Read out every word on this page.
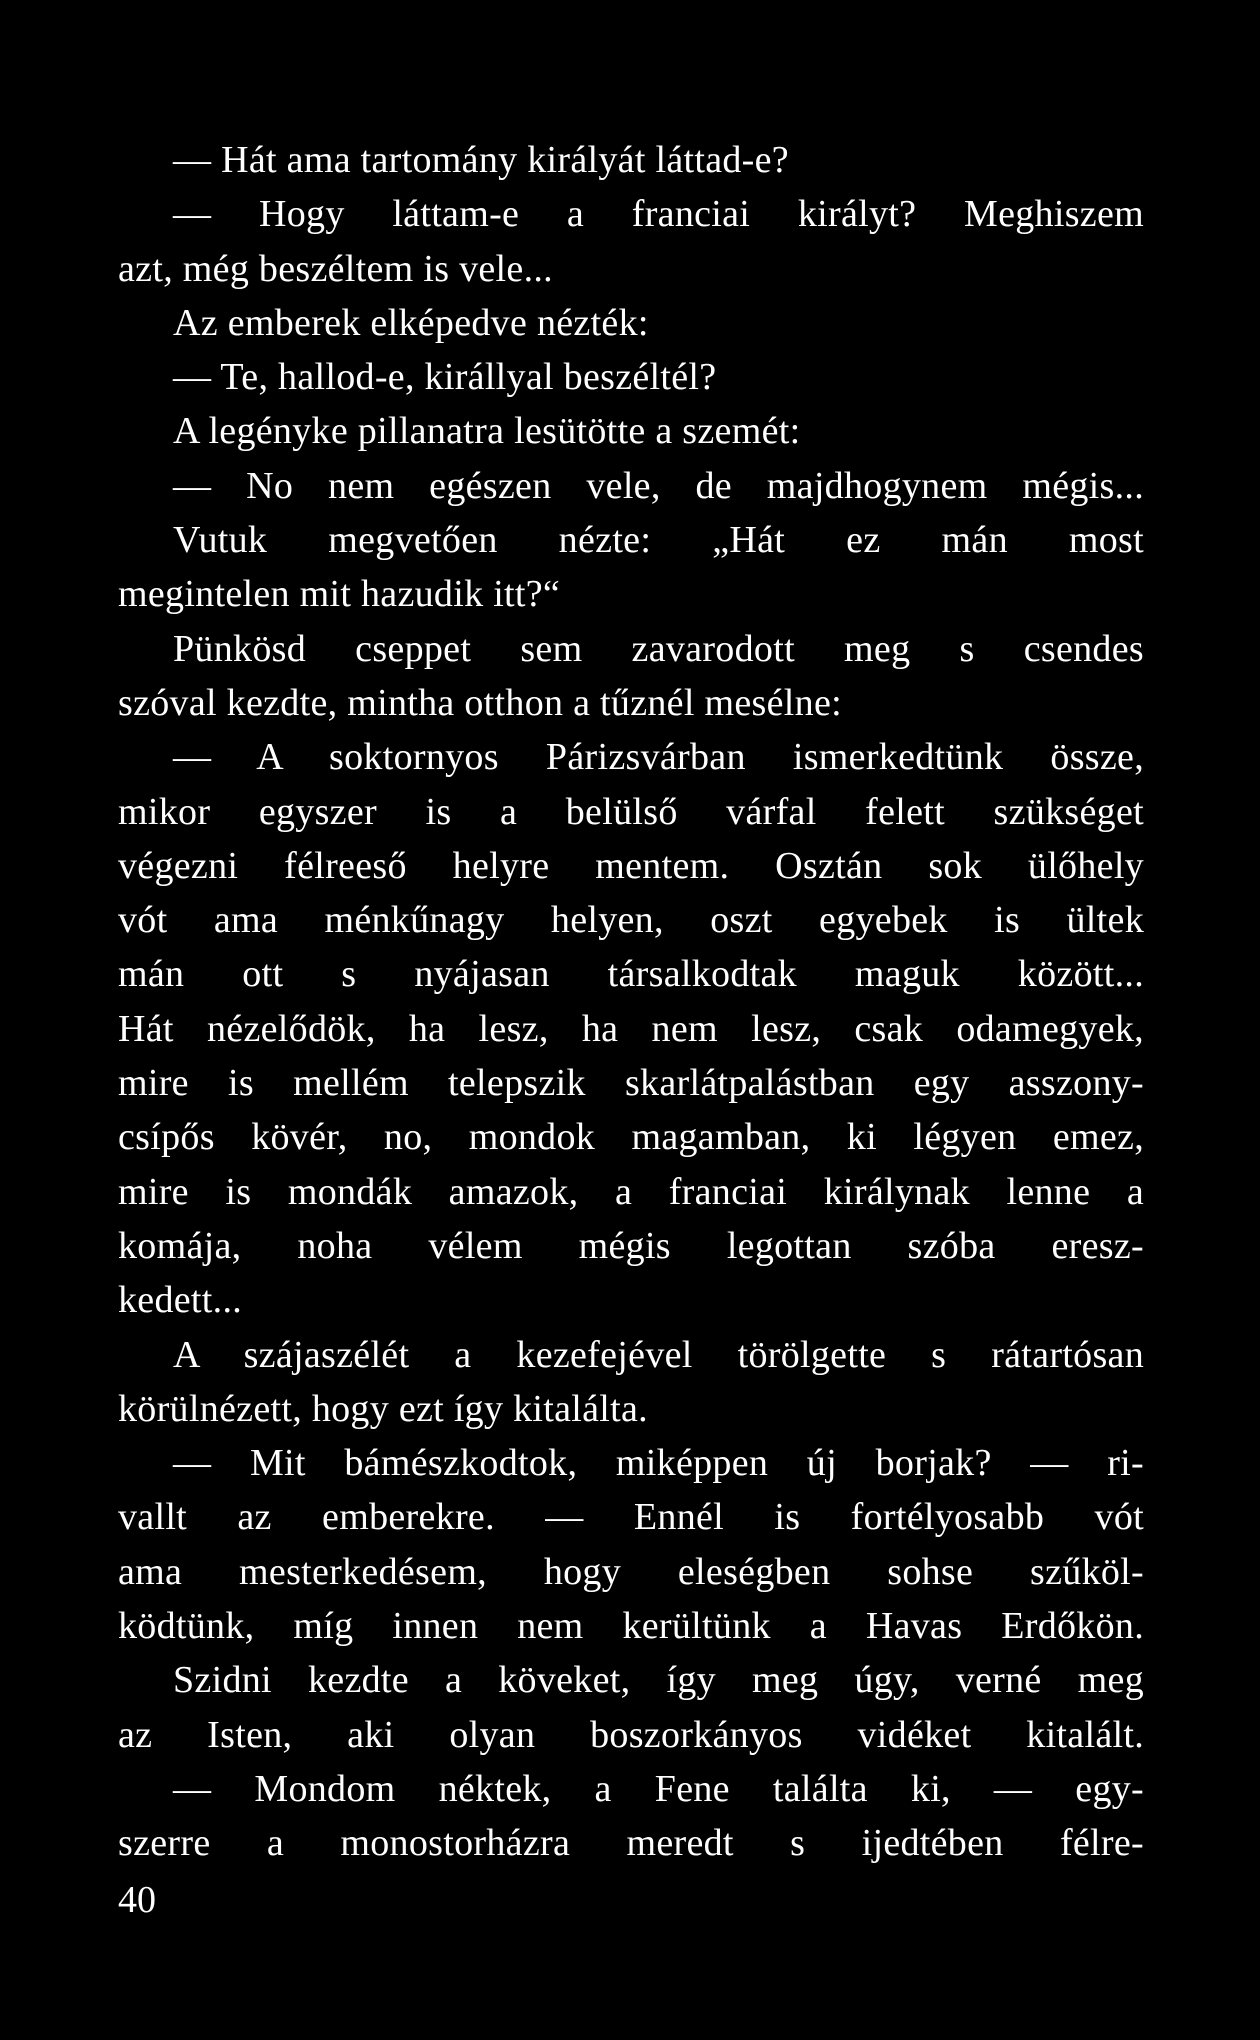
— Hát ama tartomány királyát láttad-e?
— Hogy láttam-e a franciai királyt? Meghiszem
azt, még beszéltem is vele...
Az emberek elképedve nézték:
— Te, hallod-e, királlyal beszéltél?
A legényke pillanatra lesütötte a szemét:
— No nem egészen vele, de majdhogynem mégis...
Vutuk megvetően nézte: „Hát ez mán most
megintelen mit hazudik itt?“
Pünkösd cseppet sem zavarodott meg s csendes
szóval kezdte, mintha otthon a tűznél mesélne:
— A soktornyos Párizsvárban ismerkedtünk össze,
mikor egyszer is a belülső várfal felett szükséget
végezni félreeső helyre mentem. Osztán sok ülőhely
vót ama ménkűnagy helyen, oszt egyebek is ültek
mán ott s nyájasan társalkodtak maguk között...
Hát nézelődök, ha lesz, ha nem lesz, csak odamegyek,
mire is mellém telepszik skarlátpalástban egy asszony-
csípős kövér, no, mondok magamban, ki légyen emez,
mire is mondák amazok, a franciai királynak lenne a
komája, noha vélem mégis legottan szóba eresz-
kedett...
A szájaszélét a kezefejével törölgette s rátartósan
körülnézett, hogy ezt így kitalálta.
— Mit bámészkodtok, miképpen új borjak? — ri-
vallt az emberekre. — Ennél is fortélyosabb vót
ama mesterkedésem, hogy eleségben sohse szűköl-
ködtünk, míg innen nem kerültünk a Havas Erdőkön.
Szidni kezdte a köveket, így meg úgy, verné meg
az Isten, aki olyan boszorkányos vidéket kitalált.
— Mondom néktek, a Fene találta ki, — egy-
szerre a monostorházra meredt s ijedtében félre-
40
